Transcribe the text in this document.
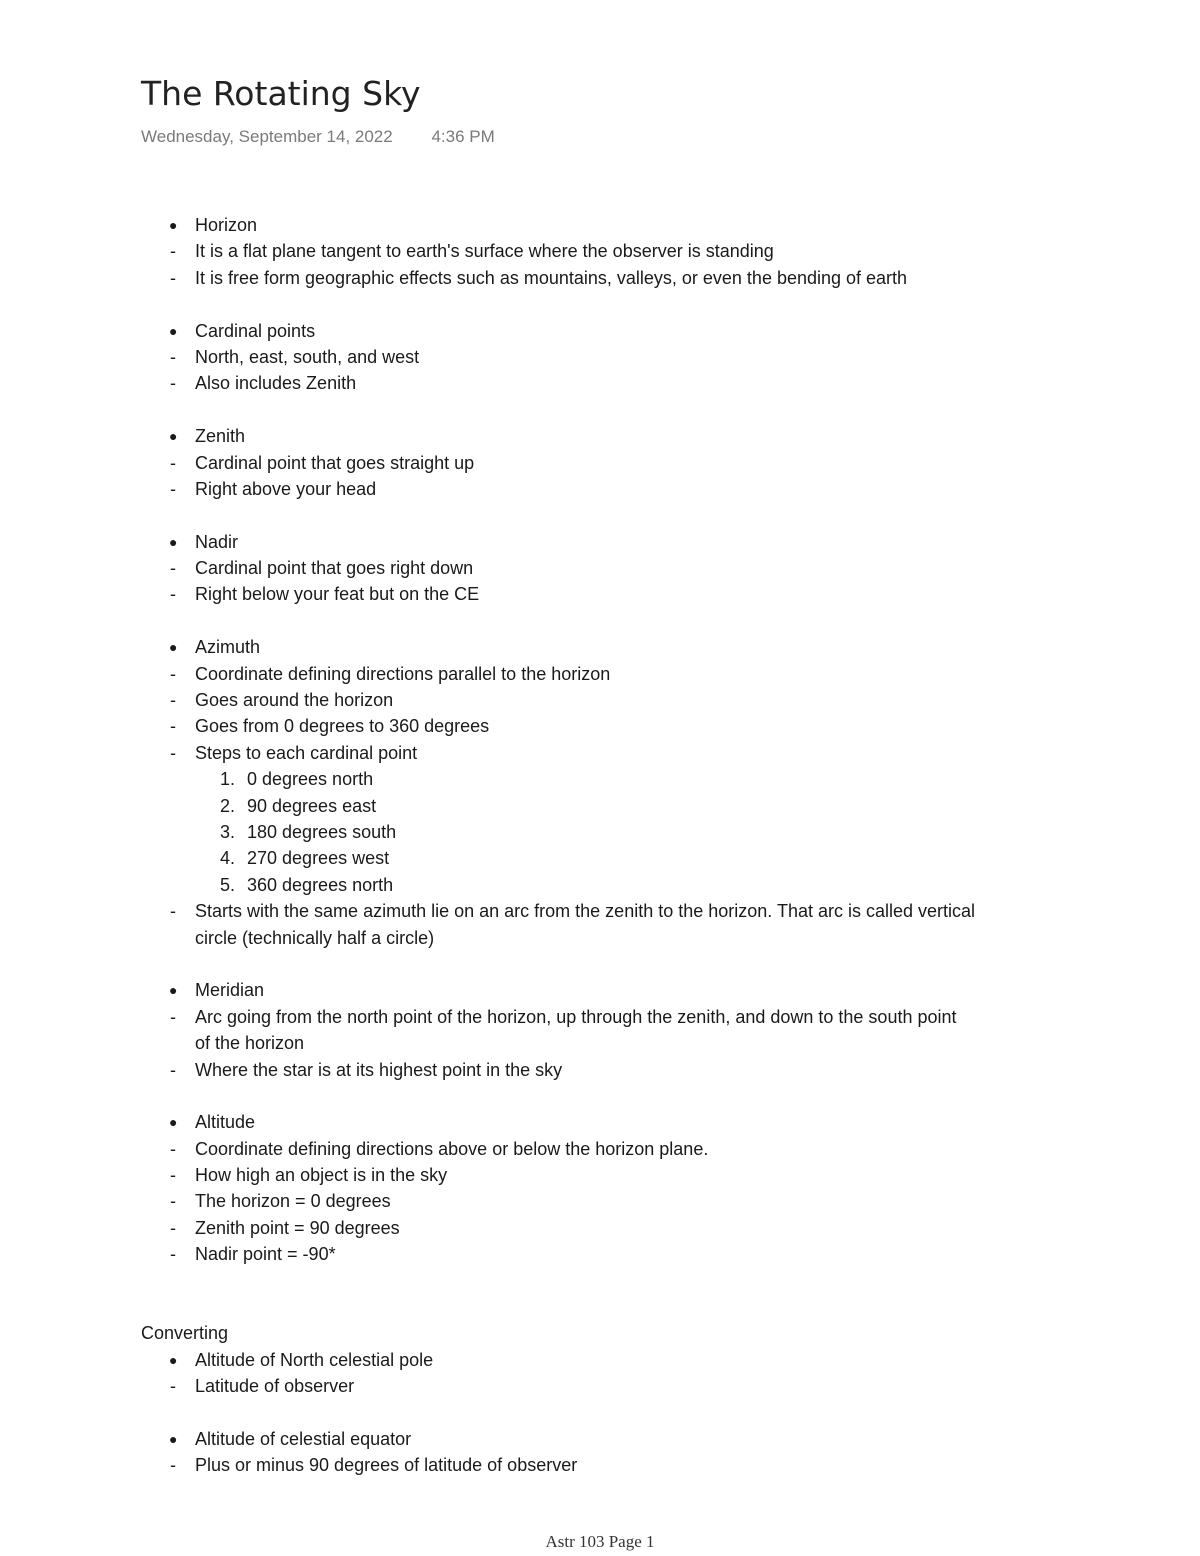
The Rotating Sky
Wednesday, September 14, 2022 4:36 PM
● Horizon
- It is a flat plane tangent to earth's surface where the observer is standing
- It is free form geographic effects such as mountains, valleys, or even the bending of earth
● Cardinal points
- North, east, south, and west
- Also includes Zenith
● Zenith
- Cardinal point that goes straight up
- Right above your head
● Nadir
- Cardinal point that goes right down
- Right below your feat but on the CE
● Azimuth
- Coordinate defining directions parallel to the horizon
- Goes around the horizon
- Goes from 0 degrees to 360 degrees
- Steps to each cardinal point
1. 0 degrees north
2. 90 degrees east
3. 180 degrees south
4. 270 degrees west
5. 360 degrees north
- Starts with the same azimuth lie on an arc from the zenith to the horizon. That arc is called vertical
circle (technically half a circle)
● Meridian
- Arc going from the north point of the horizon, up through the zenith, and down to the south point
of the horizon
- Where the star is at its highest point in the sky
● Altitude
- Coordinate defining directions above or below the horizon plane.
- How high an object is in the sky
- The horizon = 0 degrees
- Zenith point = 90 degrees
- Nadir point = -90*
Converting
● Altitude of North celestial pole
- Latitude of observer
● Altitude of celestial equator
- Plus or minus 90 degrees of latitude of observer
Astr 103 Page 1
